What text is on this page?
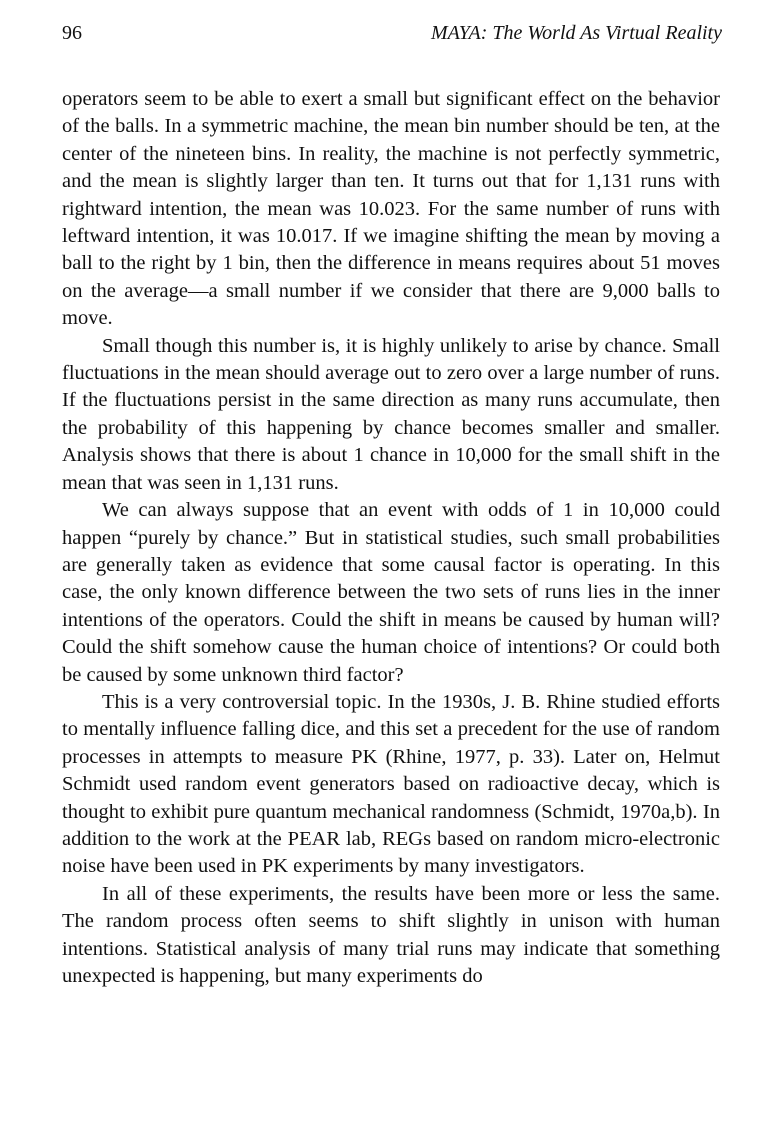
96	MAYA: The World As Virtual Reality

operators seem to be able to exert a small but significant effect on the behavior of the balls. In a symmetric machine, the mean bin number should be ten, at the center of the nineteen bins. In reality, the machine is not perfectly symmetric, and the mean is slightly larger than ten. It turns out that for 1,131 runs with rightward intention, the mean was 10.023. For the same number of runs with leftward intention, it was 10.017. If we imagine shifting the mean by moving a ball to the right by 1 bin, then the difference in means requires about 51 moves on the average—a small number if we consider that there are 9,000 balls to move.

Small though this number is, it is highly unlikely to arise by chance. Small fluctuations in the mean should average out to zero over a large number of runs. If the fluctuations persist in the same direction as many runs accumulate, then the probability of this happening by chance becomes smaller and smaller. Analysis shows that there is about 1 chance in 10,000 for the small shift in the mean that was seen in 1,131 runs.

We can always suppose that an event with odds of 1 in 10,000 could happen “purely by chance.” But in statistical studies, such small probabilities are generally taken as evidence that some causal factor is operating. In this case, the only known difference between the two sets of runs lies in the inner intentions of the operators. Could the shift in means be caused by human will? Could the shift somehow cause the human choice of intentions? Or could both be caused by some unknown third factor?

This is a very controversial topic. In the 1930s, J. B. Rhine studied efforts to mentally influence falling dice, and this set a precedent for the use of random processes in attempts to measure PK (Rhine, 1977, p. 33). Later on, Helmut Schmidt used random event generators based on radioactive decay, which is thought to exhibit pure quantum mechanical randomness (Schmidt, 1970a,b). In addition to the work at the PEAR lab, REGs based on random micro-electronic noise have been used in PK experiments by many investigators.

In all of these experiments, the results have been more or less the same. The random process often seems to shift slightly in unison with human intentions. Statistical analysis of many trial runs may indicate that something unexpected is happening, but many experiments do
